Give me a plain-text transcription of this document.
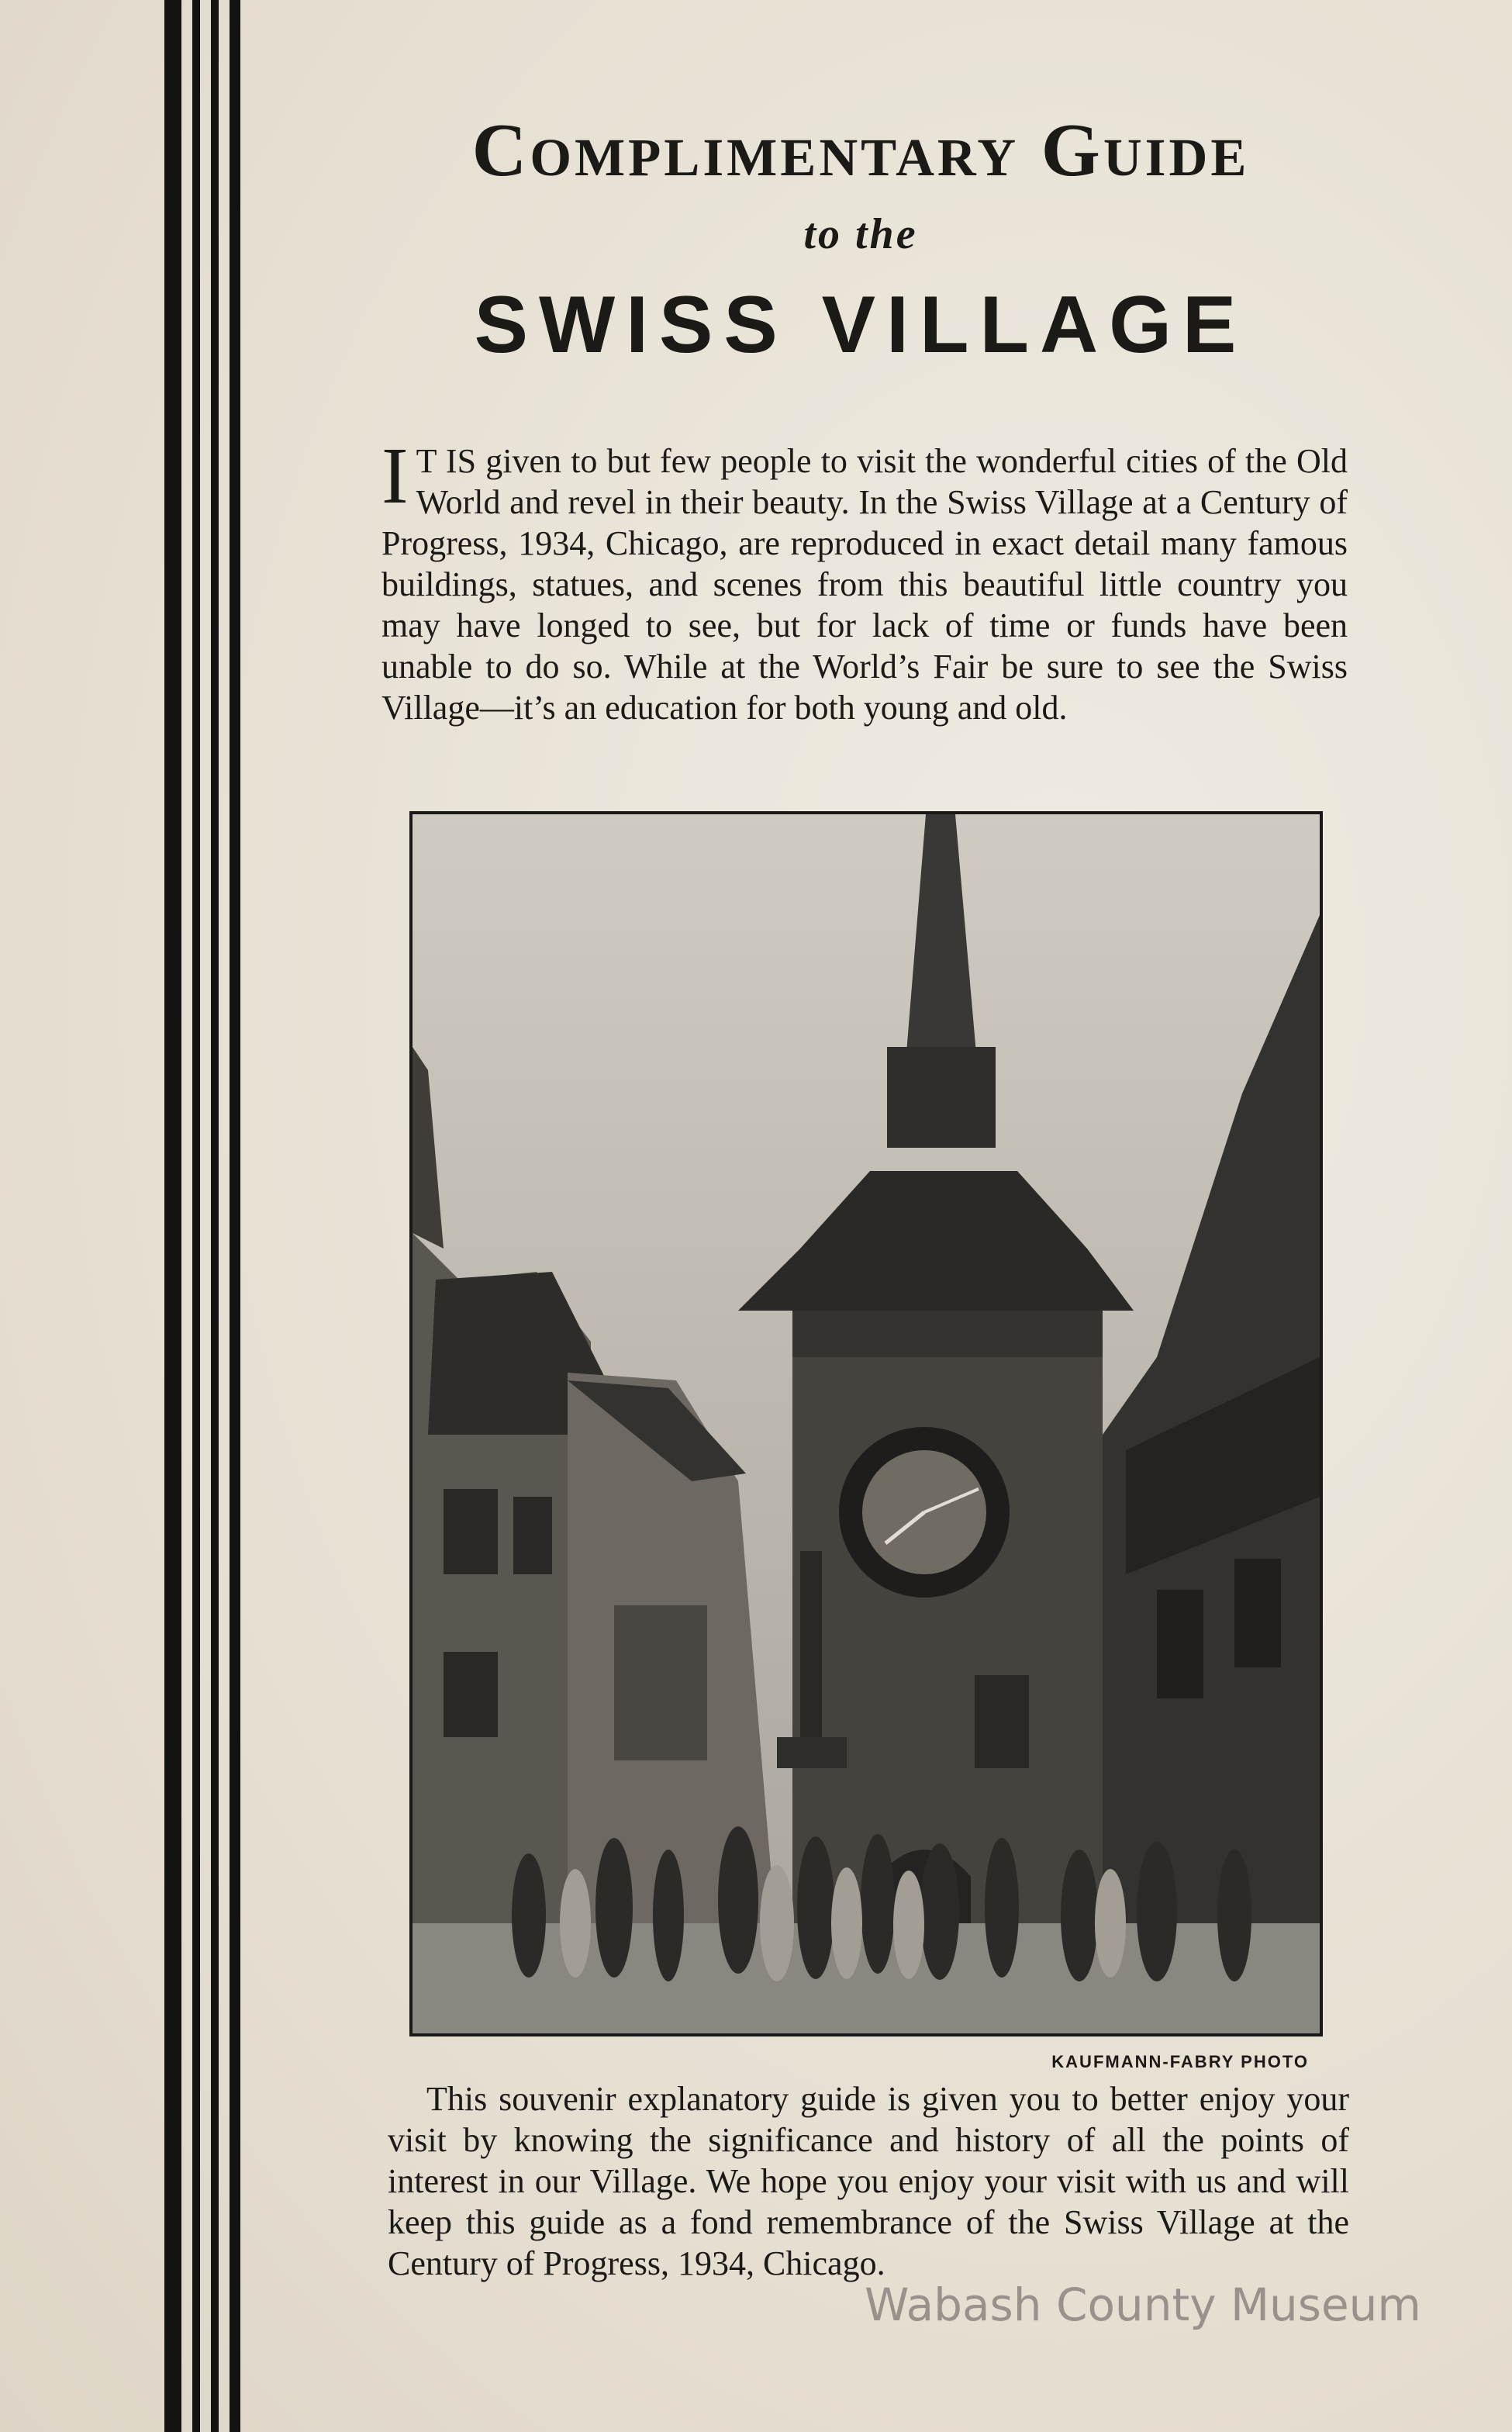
Complimentary Guide
to the
SWISS VILLAGE
I T IS given to but few people to visit the wonderful cities of the Old World and revel in their beauty. In the Swiss Village at a Century of Progress, 1934, Chicago, are reproduced in exact detail many famous buildings, statues, and scenes from this beautiful little country you may have longed to see, but for lack of time or funds have been unable to do so. While at the World’s Fair be sure to see the Swiss Village—it’s an education for both young and old.
KAUFMANN-FABRY PHOTO
This souvenir explanatory guide is given you to better enjoy your visit by knowing the significance and history of all the points of interest in our Village. We hope you enjoy your visit with us and will keep this guide as a fond remembrance of the Swiss Village at the Century of Progress, 1934, Chicago.
Wabash County Museum
